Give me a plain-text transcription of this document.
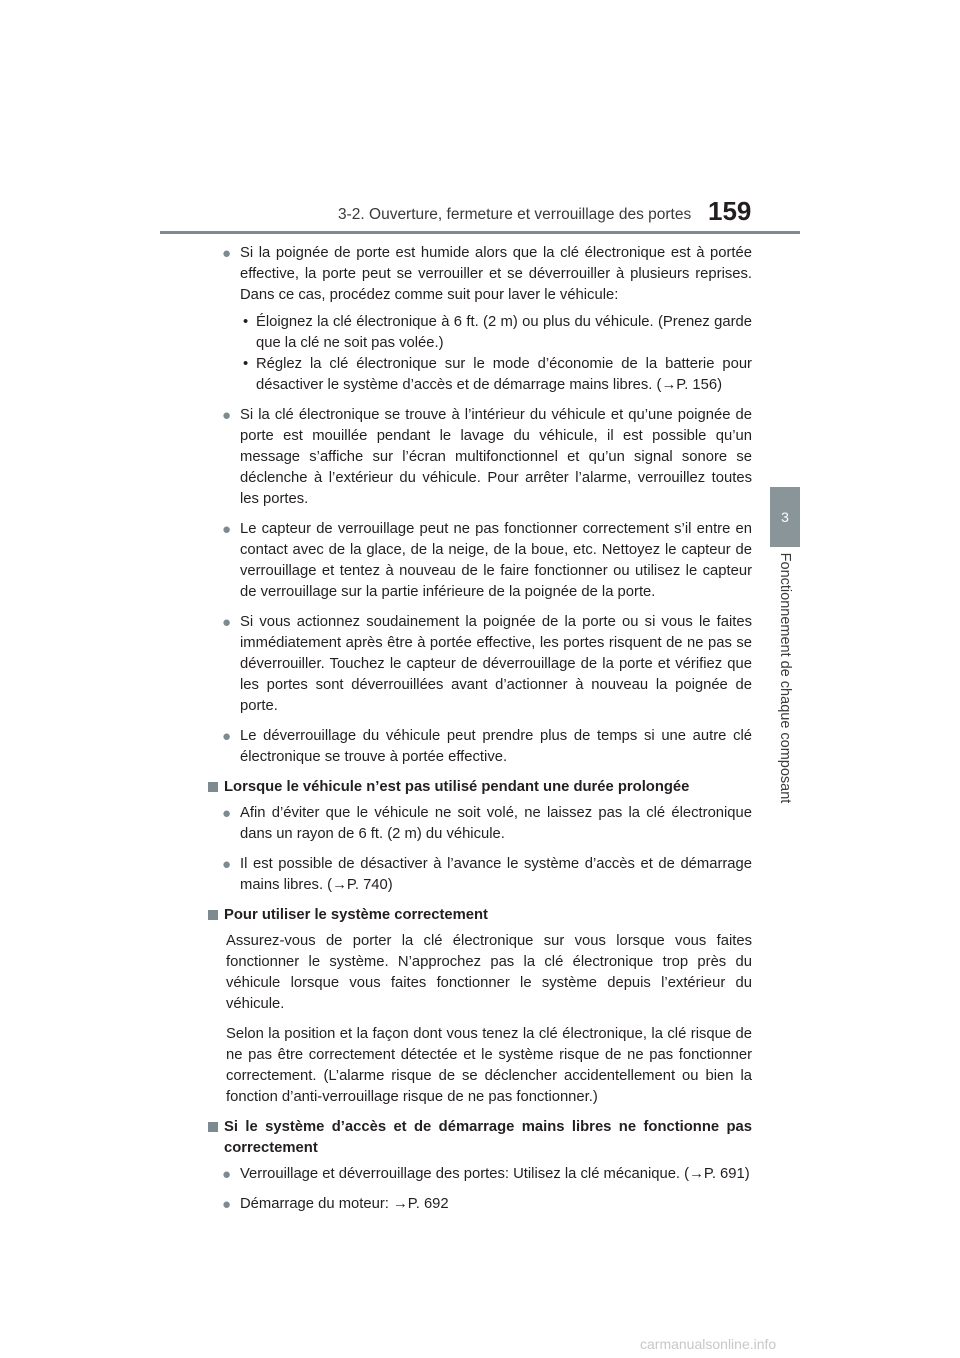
3-2. Ouverture, fermeture et verrouillage des portes 159
3
Fonctionnement de chaque composant
● Si la poignée de porte est humide alors que la clé électronique est à portée effective, la porte peut se verrouiller et se déverrouiller à plusieurs reprises. Dans ce cas, procédez comme suit pour laver le véhicule:
• Éloignez la clé électronique à 6 ft. (2 m) ou plus du véhicule. (Prenez garde que la clé ne soit pas volée.)
• Réglez la clé électronique sur le mode d’économie de la batterie pour désactiver le système d’accès et de démarrage mains libres. (→P. 156)
● Si la clé électronique se trouve à l’intérieur du véhicule et qu’une poignée de porte est mouillée pendant le lavage du véhicule, il est possible qu’un message s’affiche sur l’écran multifonctionnel et qu’un signal sonore se déclenche à l’extérieur du véhicule. Pour arrêter l’alarme, verrouillez toutes les portes.
● Le capteur de verrouillage peut ne pas fonctionner correctement s’il entre en contact avec de la glace, de la neige, de la boue, etc. Nettoyez le capteur de verrouillage et tentez à nouveau de le faire fonctionner ou utilisez le capteur de verrouillage sur la partie inférieure de la poignée de la porte.
● Si vous actionnez soudainement la poignée de la porte ou si vous le faites immédiatement après être à portée effective, les portes risquent de ne pas se déverrouiller. Touchez le capteur de déverrouillage de la porte et vérifiez que les portes sont déverrouillées avant d’actionner à nouveau la poignée de porte.
● Le déverrouillage du véhicule peut prendre plus de temps si une autre clé électronique se trouve à portée effective.
Lorsque le véhicule n’est pas utilisé pendant une durée prolongée
● Afin d’éviter que le véhicule ne soit volé, ne laissez pas la clé électronique dans un rayon de 6 ft. (2 m) du véhicule.
● Il est possible de désactiver à l’avance le système d’accès et de démarrage mains libres. (→P. 740)
Pour utiliser le système correctement

Assurez-vous de porter la clé électronique sur vous lorsque vous faites fonctionner le système. N’approchez pas la clé électronique trop près du véhicule lorsque vous faites fonctionner le système depuis l’extérieur du véhicule.

Selon la position et la façon dont vous tenez la clé électronique, la clé risque de ne pas être correctement détectée et le système risque de ne pas fonctionner correctement. (L’alarme risque de se déclencher accidentellement ou bien la fonction d’anti-verrouillage risque de ne pas fonctionner.)

Si le système d’accès et de démarrage mains libres ne fonctionne pas correctement
● Verrouillage et déverrouillage des portes: Utilisez la clé mécanique. (→P. 691)
● Démarrage du moteur: →P. 692
carmanualsonline.info
